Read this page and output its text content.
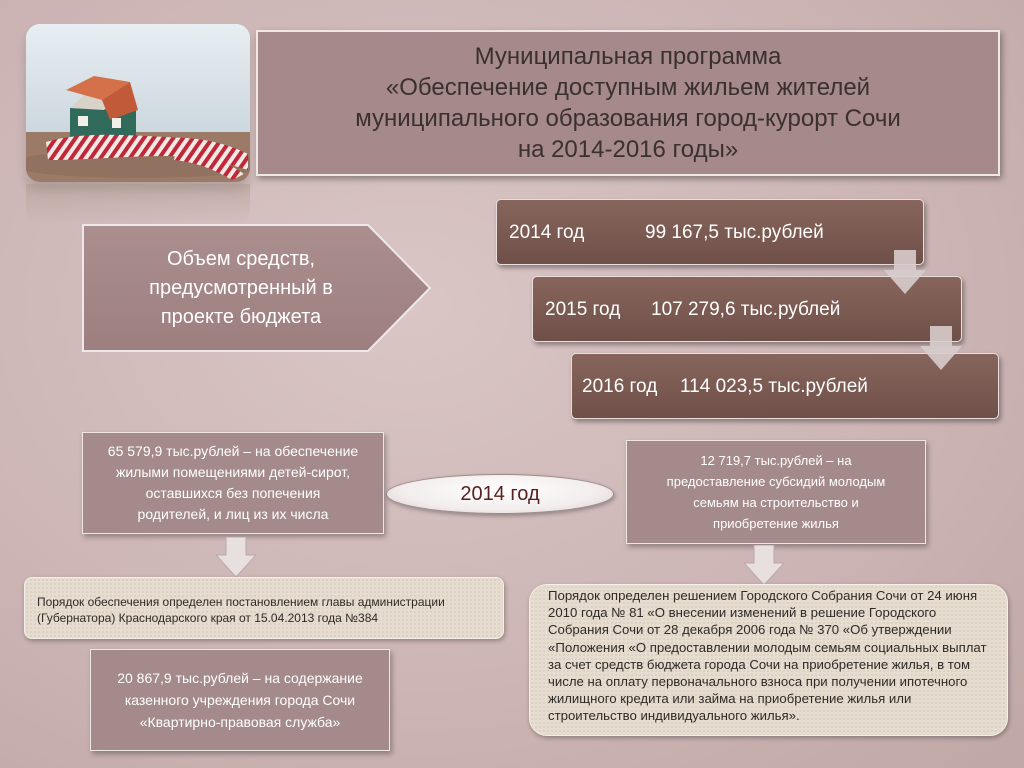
Муниципальная программа
«Обеспечение доступным жильем жителей
муниципального образования город-курорт Сочи
на 2014-2016 годы»
Объем средств,
предусмотренный в
проекте бюджета

2014 год

	99 167,5 тыс.рублей

2015 год

107 279,6 тыс.рублей

2016 год

114 023,5 тыс.рублей

65 579,9 тыс.рублей – на обеспечение
жилыми помещениями детей-сирот,
оставшихся без попечения
родителей, и лиц из их числа
2014 год
12 719,7 тыс.рублей – на
предоставление субсидий молодым
семьям на строительство и
приобретение жилья
Порядок обеспечения определен постановлением главы администрации (Губернатора) Краснодарского края от 15.04.2013 года №384
20 867,9 тыс.рублей – на содержание
казенного учреждения города Сочи
«Квартирно-правовая служба»
Порядок определен решением Городского Собрания Сочи от 24 июня 2010 года № 81 «О внесении изменений в решение Городского Собрания Сочи от 28 декабря 2006 года № 370 «Об утверждении «Положения «О предоставлении молодым семьям социальных выплат за счет средств бюджета города Сочи на приобретение жилья, в том числе на оплату первоначального взноса при получении ипотечного жилищного кредита или займа на приобретение жилья или строительство индивидуального жилья».
